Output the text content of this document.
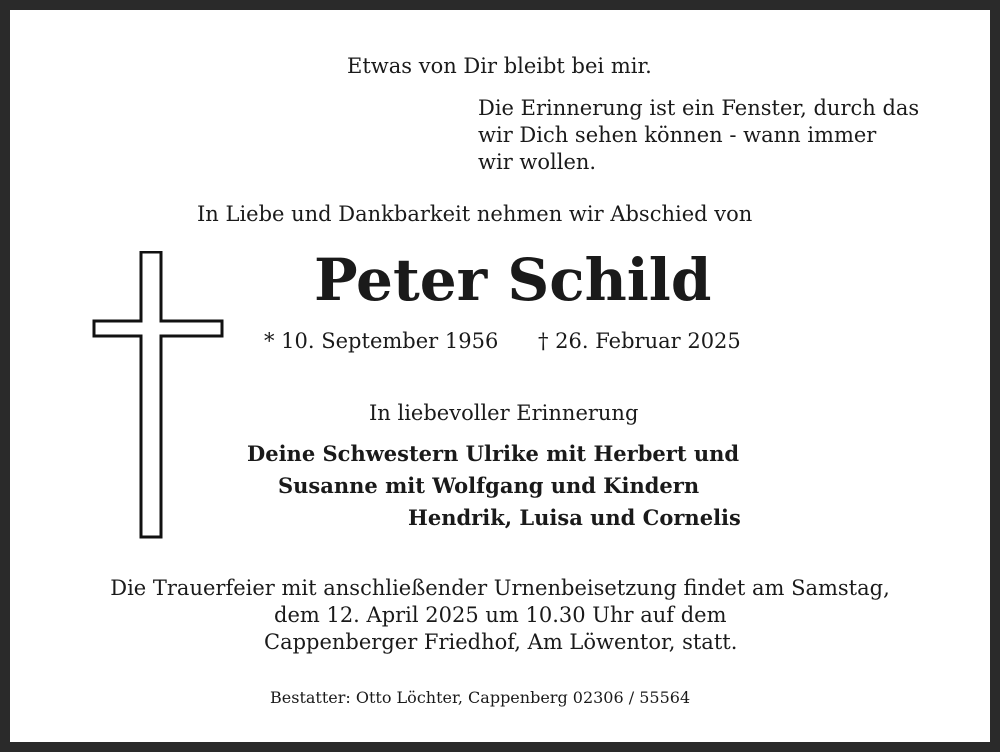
Etwas von Dir bleibt bei mir.

Die Erinnerung ist ein Fenster, durch das

wir Dich sehen können - wann immer

wir wollen.

In Liebe und Dankbarkeit nehmen wir Abschied von

Peter Schild

* 10. September 1956 † 26. Februar 2025

In liebevoller Erinnerung

Deine Schwestern Ulrike mit Herbert und

Susanne mit Wolfgang und Kindern

Hendrik, Luisa und Cornelis

Die Trauerfeier mit anschließender Urnenbeisetzung findet am Samstag,

dem 12. April 2025 um 10.30 Uhr auf dem

Cappenberger Friedhof, Am Löwentor, statt.

Bestatter: Otto Löchter, Cappenberg 02306 / 55564
